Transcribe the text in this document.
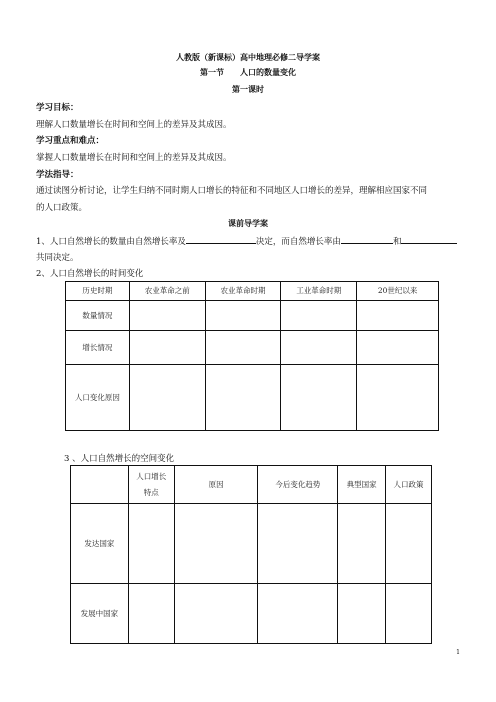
人教版（新课标）高中地理必修二导学案
第一节　　人口的数量变化
第一课时
学习目标：
理解人口数量增长在时间和空间上的差异及其成因。
学习重点和难点：
掌握人口数量增长在时间和空间上的差异及其成因。
学法指导：
通过读图分析讨论，让学生归纳不同时期人口增长的特征和不同地区人口增长的差异，理解相应国家不同
的人口政策。
课前导学案
1、人口自然增长的数量由自然增长率及	决定，而自然增长率由	和
共同决定。
2、人口自然增长的时间变化
历史时期	农业革命之前	农业革命时期	工业革命时期	20世纪以来
数量情况				
增长情况				
人口变化原因				
3 、人口自然增长的空间变化
	人口增长特点	原因	今后变化趋势	典型国家	人口政策
发达国家					
发展中国家					
1
